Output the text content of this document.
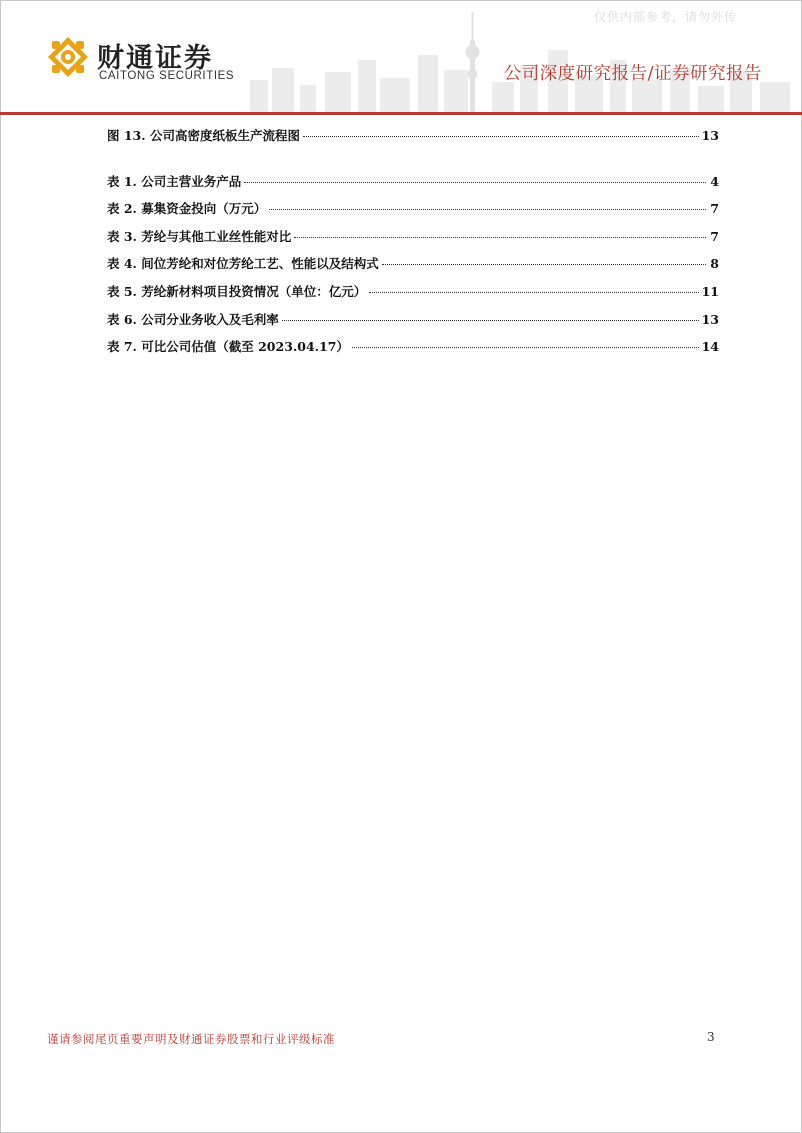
仅供内部参考，请勿外传
财通证券
CAITONG SECURITIES	公司深度研究报告/证券研究报告
图 13. 公司高密度纸板生产流程图	13
表 1. 公司主营业务产品	4
表 2. 募集资金投向（万元）	7
表 3. 芳纶与其他工业丝性能对比	7
表 4. 间位芳纶和对位芳纶工艺、性能以及结构式	8
表 5. 芳纶新材料项目投资情况（单位：亿元）	11
表 6. 公司分业务收入及毛利率	13
表 7. 可比公司估值（截至 2023.04.17）	14
谨请参阅尾页重要声明及财通证券股票和行业评级标准	3
